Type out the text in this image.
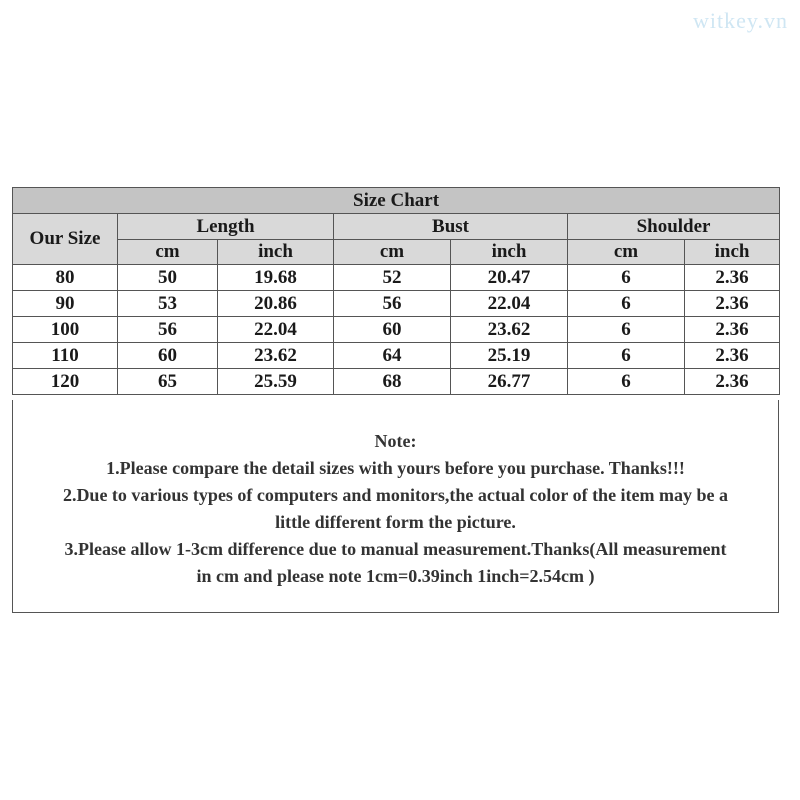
witkey.vn
Size Chart						
Our Size	Length		Bust		Shoulder	
	cm	inch	cm	inch	cm	inch
80	50	19.68	52	20.47	6	2.36
90	53	20.86	56	22.04	6	2.36
100	56	22.04	60	23.62	6	2.36
110	60	23.62	64	25.19	6	2.36
120	65	25.59	68	26.77	6	2.36

Note:

1.Please compare the detail sizes with yours before you purchase. Thanks!!!

2.Due to various types of computers and monitors,the actual color of the item may be a

little different form the picture.

3.Please allow 1-3cm difference due to manual measurement.Thanks(All measurement

in cm and please note 1cm=0.39inch 1inch=2.54cm )
